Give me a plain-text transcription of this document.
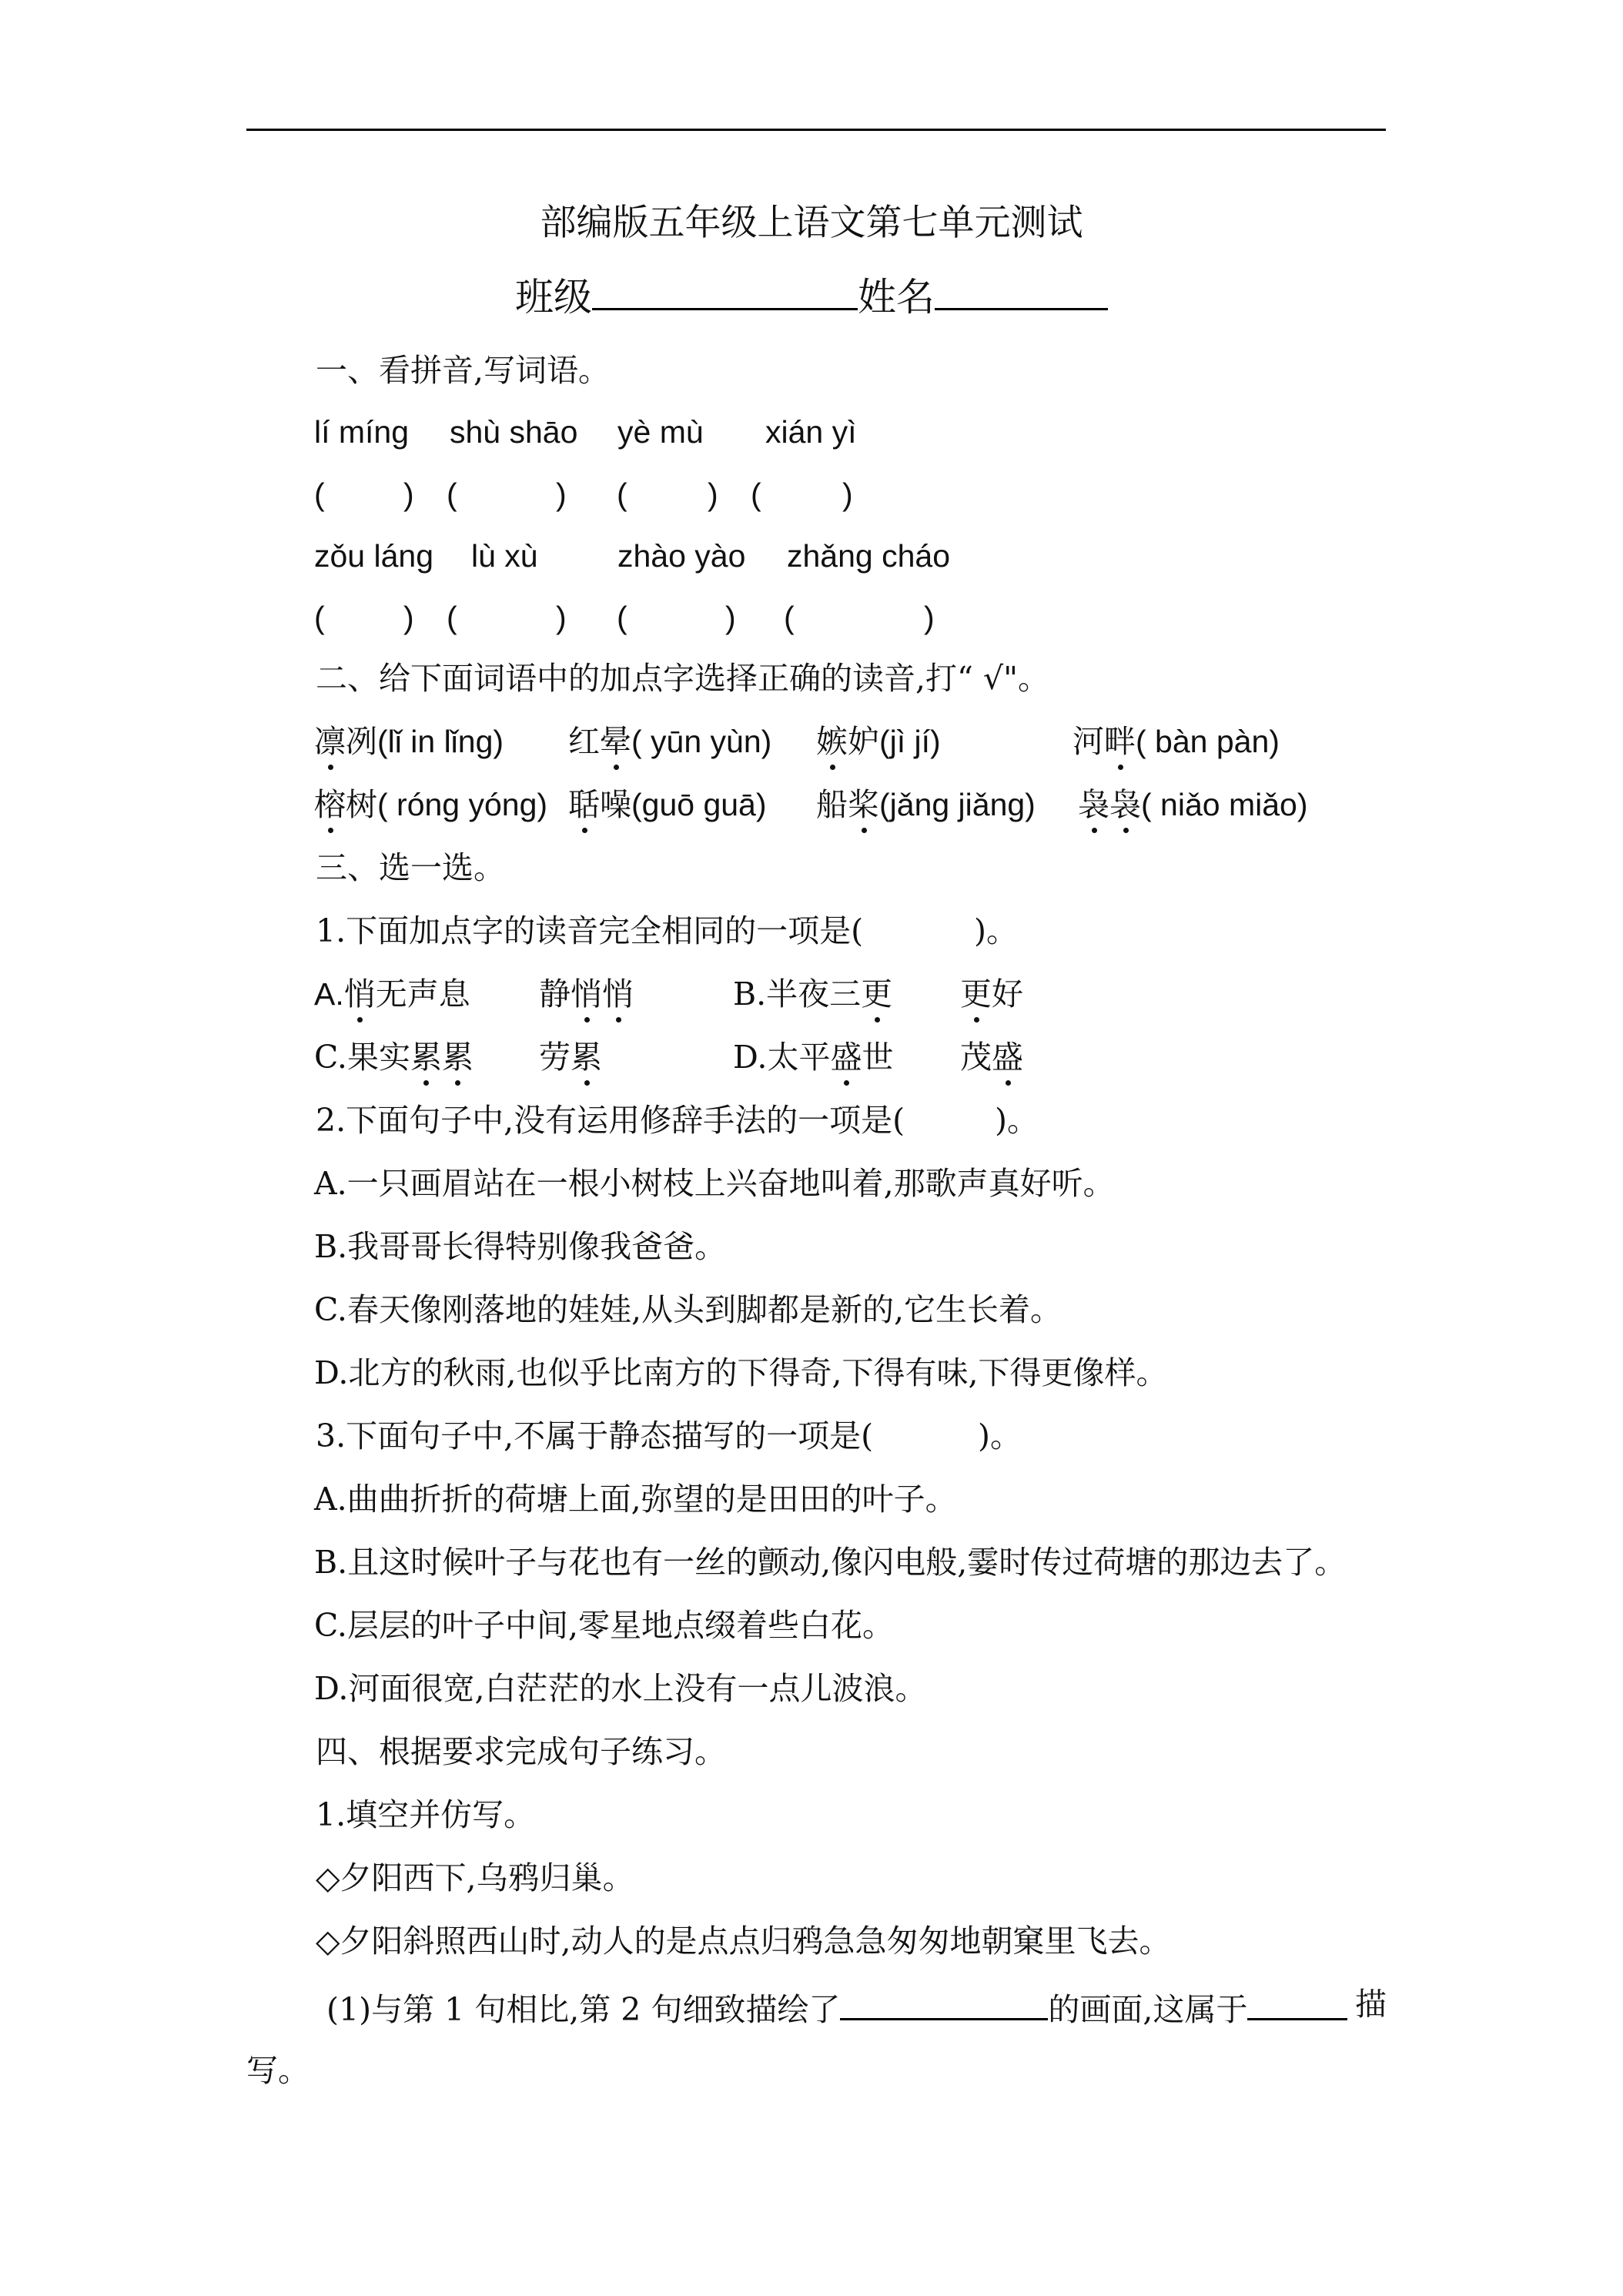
部编版五年级上语文第七单元测试
班级	姓名
一、看拼音,写词语。
lí míng shù shāo yè mù xián yì
( ) (	) (	) (	)
zǒu láng lù xù	zhào yào zhǎng cháo
( ) (	) (	) (	)
二、给下面词语中的加点字选择正确的读音,打“ √"。
凛冽(lǐ in lǐng) 红晕( yūn yùn) 嫉妒(jì jí)	河畔( bàn pàn)
榕树( róng yóng) 聒噪(guō guā) 船桨(jǎng jiǎng) 袅袅( niǎo miǎo)
三、选一选。
1.下面加点字的读音完全相同的一项是(	)。
A.悄无声息 静悄悄	B.半夜三更 更好
C.果实累累 劳累	D.太平盛世 茂盛
2.下面句子中,没有运用修辞手法的一项是(	)。
A.一只画眉站在一根小树枝上兴奋地叫着,那歌声真好听。
B.我哥哥长得特别像我爸爸。
C.春天像刚落地的娃娃,从头到脚都是新的,它生长着。
D.北方的秋雨,也似乎比南方的下得奇,下得有味,下得更像样。
3.下面句子中,不属于静态描写的一项是(	)。
A.曲曲折折的荷塘上面,弥望的是田田的叶子。
B.且这时候叶子与花也有一丝的颤动,像闪电般,霎时传过荷塘的那边去了。
C.层层的叶子中间,零星地点缀着些白花。
D.河面很宽,白茫茫的水上没有一点儿波浪。
四、根据要求完成句子练习。
1.填空并仿写。
◇夕阳西下,乌鸦归巢。
◇夕阳斜照西山时,动人的是点点归鸦急急匆匆地朝窠里飞去。
(1)与第 1 句相比,第 2 句细致描绘了	的画面,这属于	描
写。
